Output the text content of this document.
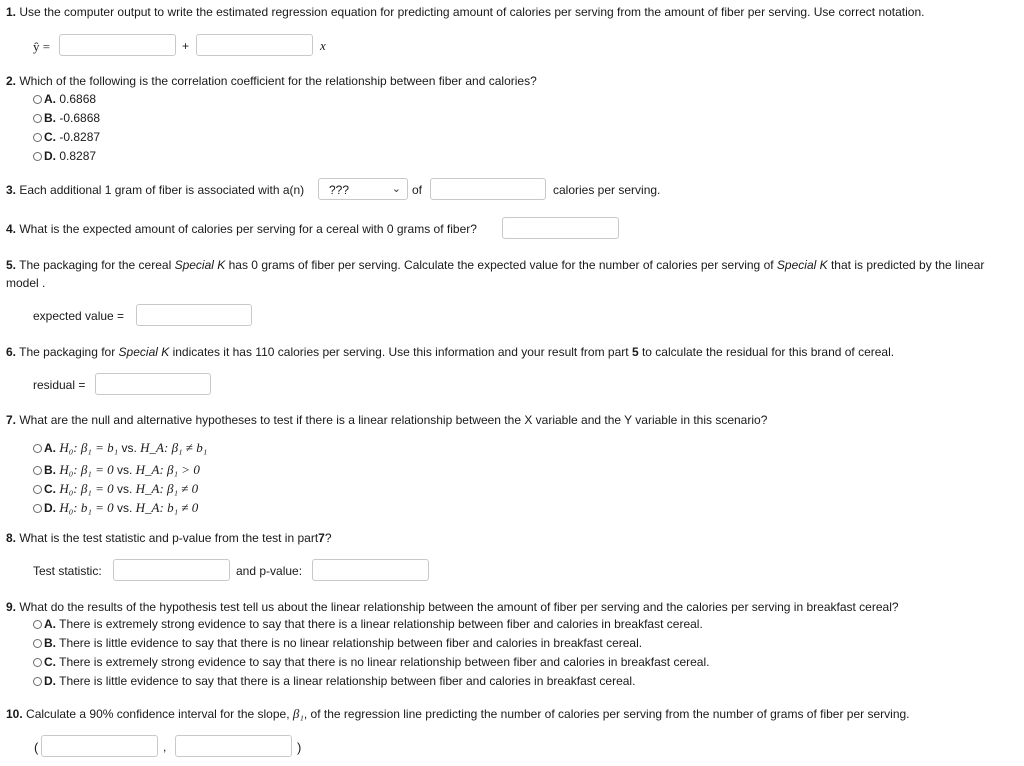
1. Use the computer output to write the estimated regression equation for predicting amount of calories per serving from the amount of fiber per serving. Use correct notation.
ŷ =	+	x
2. Which of the following is the correlation coefficient for the relationship between fiber and calories?
A. 0.6868
B. -0.6868
C. -0.8287
D. 0.8287
3. Each additional 1 gram of fiber is associated with a(n)	???	⌄ of	calories per serving.
4. What is the expected amount of calories per serving for a cereal with 0 grams of fiber?
5. The packaging for the cereal Special K has 0 grams of fiber per serving. Calculate the expected value for the number of calories per serving of Special K that is predicted by the linear
model .
expected value =
6. The packaging for Special K indicates it has 110 calories per serving. Use this information and your result from part 5 to calculate the residual for this brand of cereal.
residual =
7. What are the null and alternative hypotheses to test if there is a linear relationship between the X variable and the Y variable in this scenario?
A. H₀: β₁ = b₁ vs. H_A: β₁ ≠ b₁
B. H₀: β₁ = 0 vs. H_A: β₁ > 0
C. H₀: β₁ = 0 vs. H_A: β₁ ≠ 0
D. H₀: b₁ = 0 vs. H_A: b₁ ≠ 0
8. What is the test statistic and p-value from the test in part7?
Test statistic:	and p-value:
9. What do the results of the hypothesis test tell us about the linear relationship between the amount of fiber per serving and the calories per serving in breakfast cereal?
A. There is extremely strong evidence to say that there is a linear relationship between fiber and calories in breakfast cereal.
B. There is little evidence to say that there is no linear relationship between fiber and calories in breakfast cereal.
C. There is extremely strong evidence to say that there is no linear relationship between fiber and calories in breakfast cereal.
D. There is little evidence to say that there is a linear relationship between fiber and calories in breakfast cereal.
10. Calculate a 90% confidence interval for the slope, β₁, of the regression line predicting the number of calories per serving from the number of grams of fiber per serving.
(	,	)
